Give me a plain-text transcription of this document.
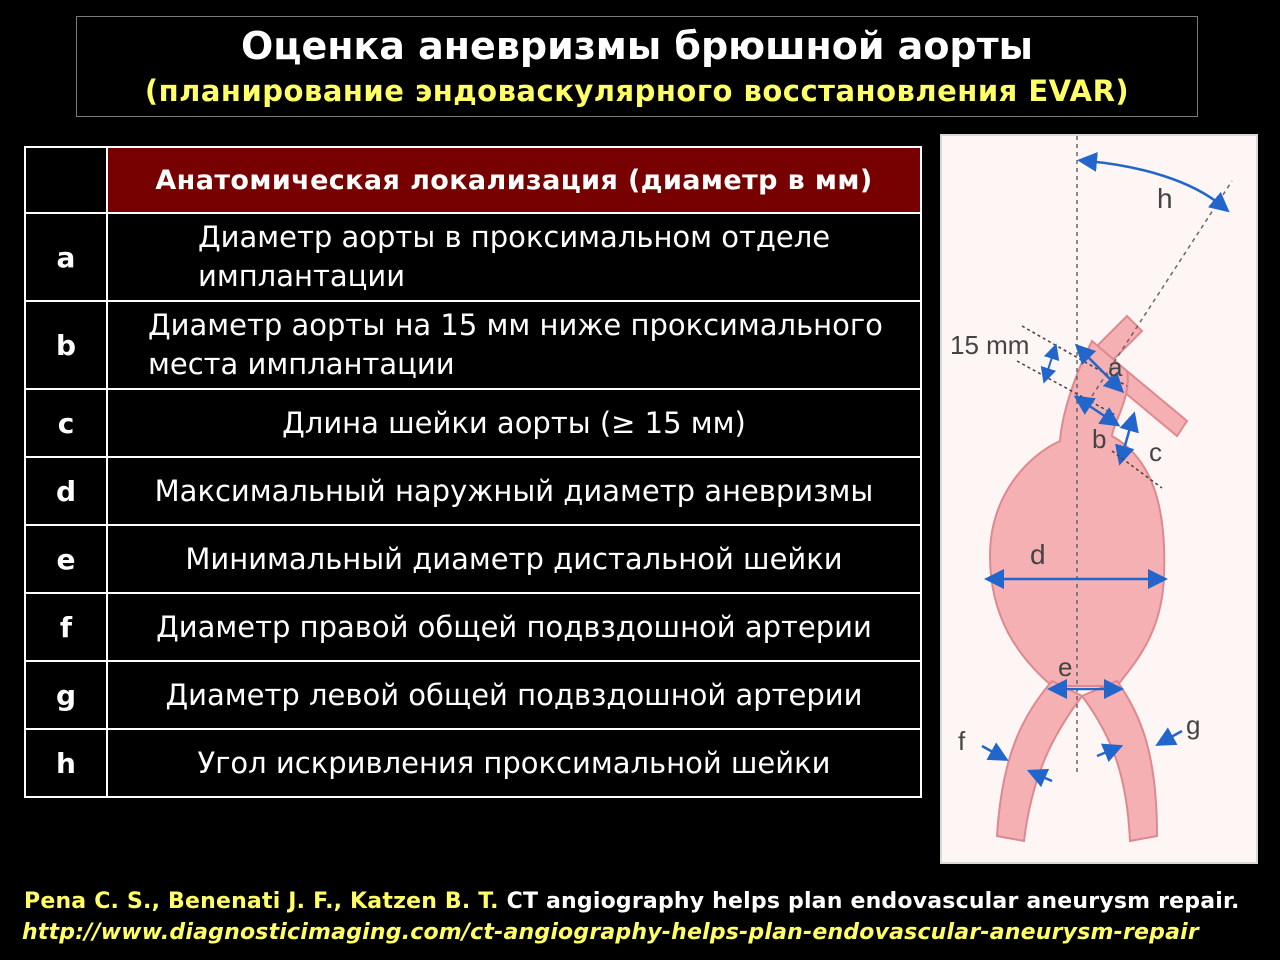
Оценка аневризмы брюшной аорты
(планирование эндоваскулярного восстановления EVAR)
	Анатомическая локализация (диаметр в мм)
a	Диаметр аорты в проксимальном отделе имплантации
b	Диаметр аорты на 15 мм ниже проксимального места имплантации
c	Длина шейки аорты (≥ 15 мм)
d	Максимальный наружный диаметр аневризмы
e	Минимальный диаметр дистальной шейки
f	Диаметр правой общей подвздошной артерии
g	Диаметр левой общей подвздошной артерии
h	Угол искривления проксимальной шейки
h
15 mm
a
b c
d
e
f
g
Pena C. S., Benenati J. F., Katzen B. T. CT angiography helps plan endovascular aneurysm repair.
http://www.diagnosticimaging.com/ct-angiography-helps-plan-endovascular-aneurysm-repair
